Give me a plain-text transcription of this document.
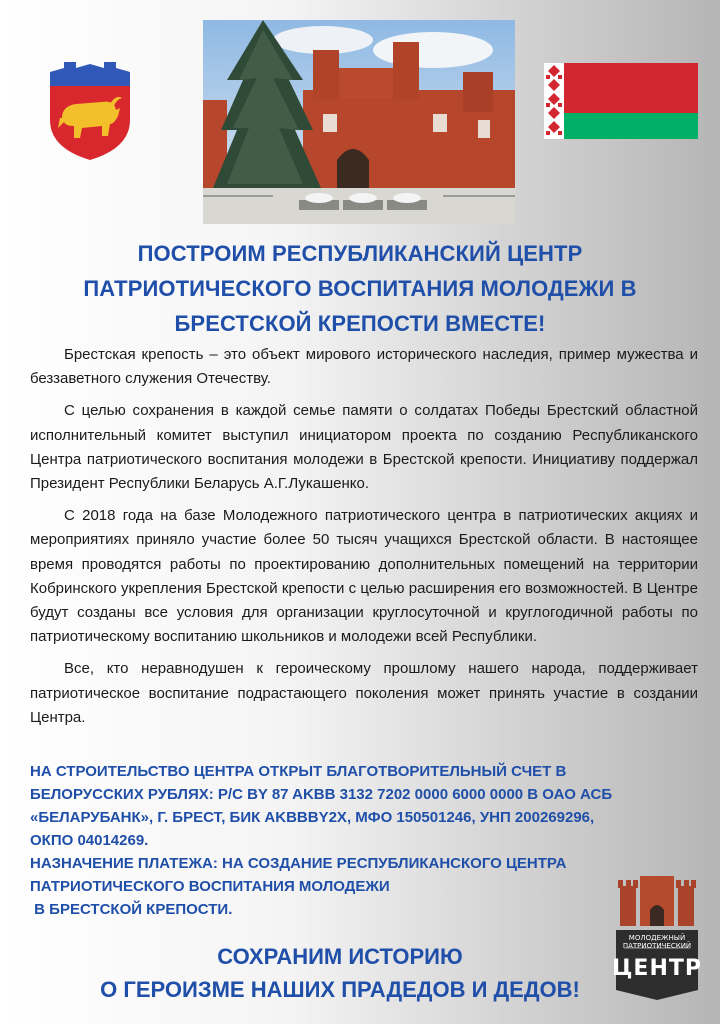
ПОСТРОИМ РЕСПУБЛИКАНСКИЙ ЦЕНТР
ПАТРИОТИЧЕСКОГО ВОСПИТАНИЯ МОЛОДЕЖИ В
БРЕСТСКОЙ КРЕПОСТИ ВМЕСТЕ!

Брестская крепость – это объект мирового исторического наследия, пример мужества и беззаветного служения Отечеству.

С целью сохранения в каждой семье памяти о солдатах Победы Брестский областной исполнительный комитет выступил инициатором проекта по созданию Республиканского Центра патриотического воспитания молодежи в Брестской крепости. Инициативу поддержал Президент Республики Беларусь А.Г.Лукашенко.

С 2018 года на базе Молодежного патриотического центра в патриотических акциях и мероприятиях приняло участие более 50 тысяч учащихся Брестской области. В настоящее время проводятся работы по проектированию дополнительных помещений на территории Кобринского укрепления Брестской крепости с целью расширения его возможностей. В Центре будут созданы все условия для организации круглосуточной и круглогодичной работы по патриотическому воспитанию школьников и молодежи всей Республики.

Все, кто неравнодушен к героическому прошлому нашего народа, поддерживает патриотическое воспитание подрастающего поколения может принять участие в создании Центра.

НА СТРОИТЕЛЬСТВО ЦЕНТРА ОТКРЫТ БЛАГОТВОРИТЕЛЬНЫЙ СЧЕТ В

БЕЛОРУССКИХ РУБЛЯХ: Р/С BY 87 AKBB 3132 7202 0000 6000 0000 В ОАО АСБ

«БЕЛАРУБАНК», Г. БРЕСТ, БИК AKBBBY2X, МФО 150501246, УНП 200269296,

ОКПО 04014269.

НАЗНАЧЕНИЕ ПЛАТЕЖА: НА СОЗДАНИЕ РЕСПУБЛИКАНСКОГО ЦЕНТРА

ПАТРИОТИЧЕСКОГО ВОСПИТАНИЯ МОЛОДЕЖИ

В БРЕСТСКОЙ КРЕПОСТИ.

СОХРАНИМ ИСТОРИЮ
О ГЕРОИЗМЕ НАШИХ ПРАДЕДОВ И ДЕДОВ!
МОЛОДЕЖНЫЙ ПАТРИОТИЧЕСКИЙ
ЦЕНТР
